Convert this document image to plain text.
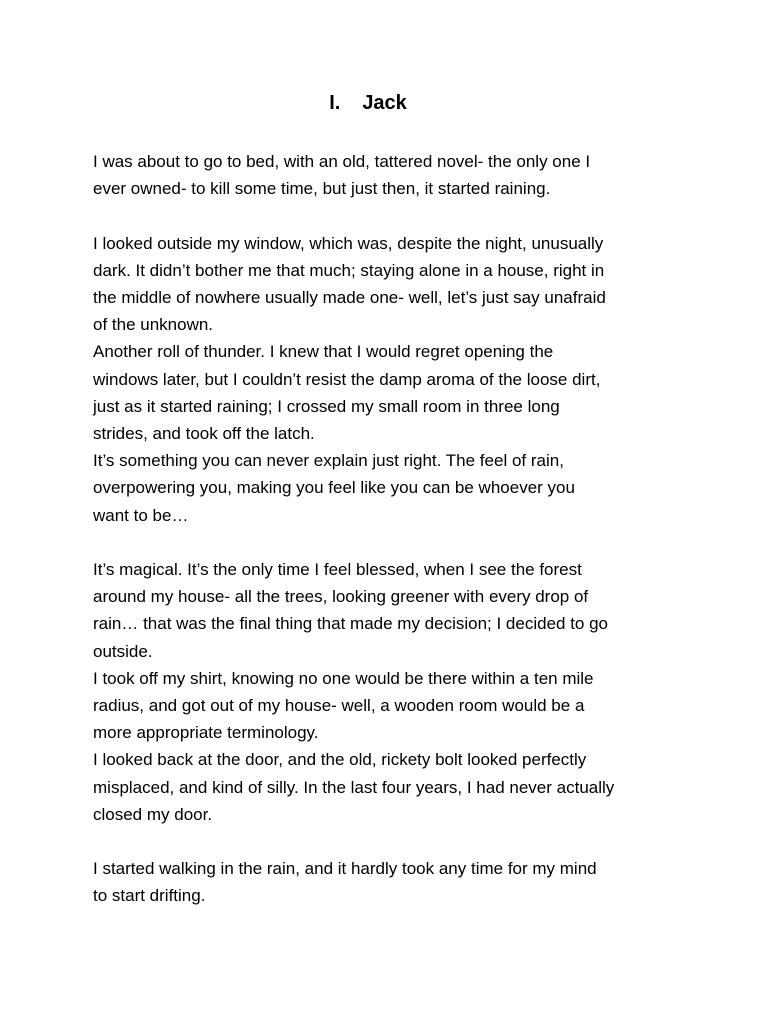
I. Jack

I was about to go to bed, with an old, tattered novel- the only one I
ever owned- to kill some time, but just then, it started raining.

I looked outside my window, which was, despite the night, unusually
dark. It didn’t bother me that much; staying alone in a house, right in
the middle of nowhere usually made one- well, let’s just say unafraid
of the unknown.

Another roll of thunder. I knew that I would regret opening the
windows later, but I couldn’t resist the damp aroma of the loose dirt,
just as it started raining; I crossed my small room in three long
strides, and took off the latch.

It’s something you can never explain just right. The feel of rain,
overpowering you, making you feel like you can be whoever you
want to be…

It’s magical. It’s the only time I feel blessed, when I see the forest
around my house- all the trees, looking greener with every drop of
rain… that was the final thing that made my decision; I decided to go
outside.

I took off my shirt, knowing no one would be there within a ten mile
radius, and got out of my house- well, a wooden room would be a
more appropriate terminology.

I looked back at the door, and the old, rickety bolt looked perfectly
misplaced, and kind of silly. In the last four years, I had never actually
closed my door.

I started walking in the rain, and it hardly took any time for my mind
to start drifting.
